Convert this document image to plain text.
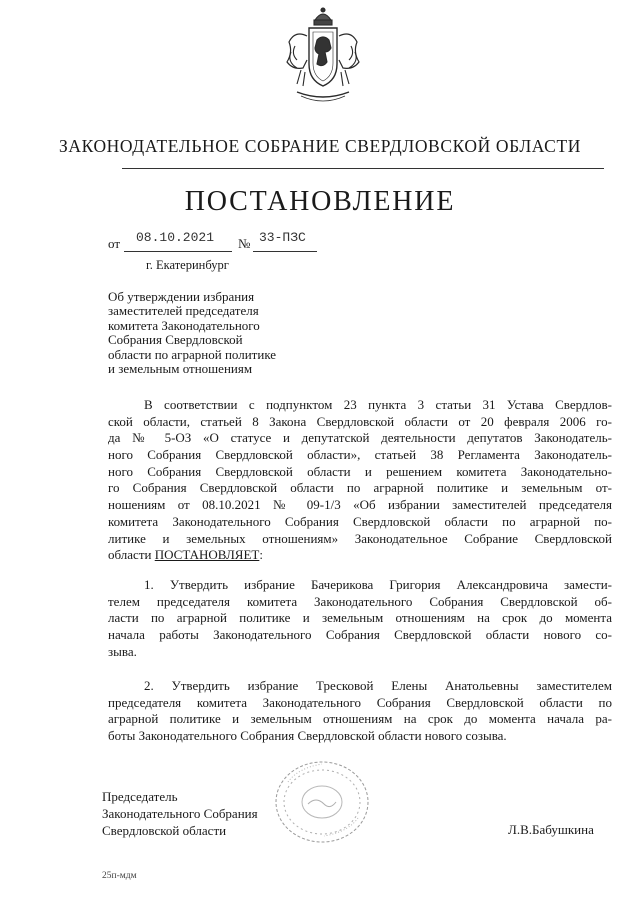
ЗАКОНОДАТЕЛЬНОЕ СОБРАНИЕ СВЕРДЛОВСКОЙ ОБЛАСТИ
ПОСТАНОВЛЕНИЕ
от 08.10.2021 № 33-ПЗС
г. Екатеринбург
Об утверждении избрания
заместителей председателя
комитета Законодательного
Собрания Свердловской
области по аграрной политике
и земельным отношениям
В соответствии с подпунктом 23 пункта 3 статьи 31 Устава Свердлов-
ской области, статьей 8 Закона Свердловской области от 20 февраля 2006 го-
да № 5-ОЗ «О статусе и депутатской деятельности депутатов Законодатель-
ного Собрания Свердловской области», статьей 38 Регламента Законодатель-
ного Собрания Свердловской области и решением комитета Законодательно-
го Собрания Свердловской области по аграрной политике и земельным от-
ношениям от 08.10.2021 № 09-1/3 «Об избрании заместителей председателя
комитета Законодательного Собрания Свердловской области по аграрной по-
литике и земельных отношениям» Законодательное Собрание Свердловской
области ПОСТАНОВЛЯЕТ:
1. Утвердить избрание Бачерикова Григория Александровича замести-
телем председателя комитета Законодательного Собрания Свердловской об-
ласти по аграрной политике и земельным отношениям на срок до момента
начала работы Законодательного Собрания Свердловской области нового со-
зыва.
2. Утвердить избрание Тресковой Елены Анатольевны заместителем
председателя комитета Законодательного Собрания Свердловской области по
аграрной политике и земельным отношениям на срок до момента начала ра-
боты Законодательного Собрания Свердловской области нового созыва.
Председатель
Законодательного Собрания
Свердловской области	Л.В.Бабушкина
25п-мдм
